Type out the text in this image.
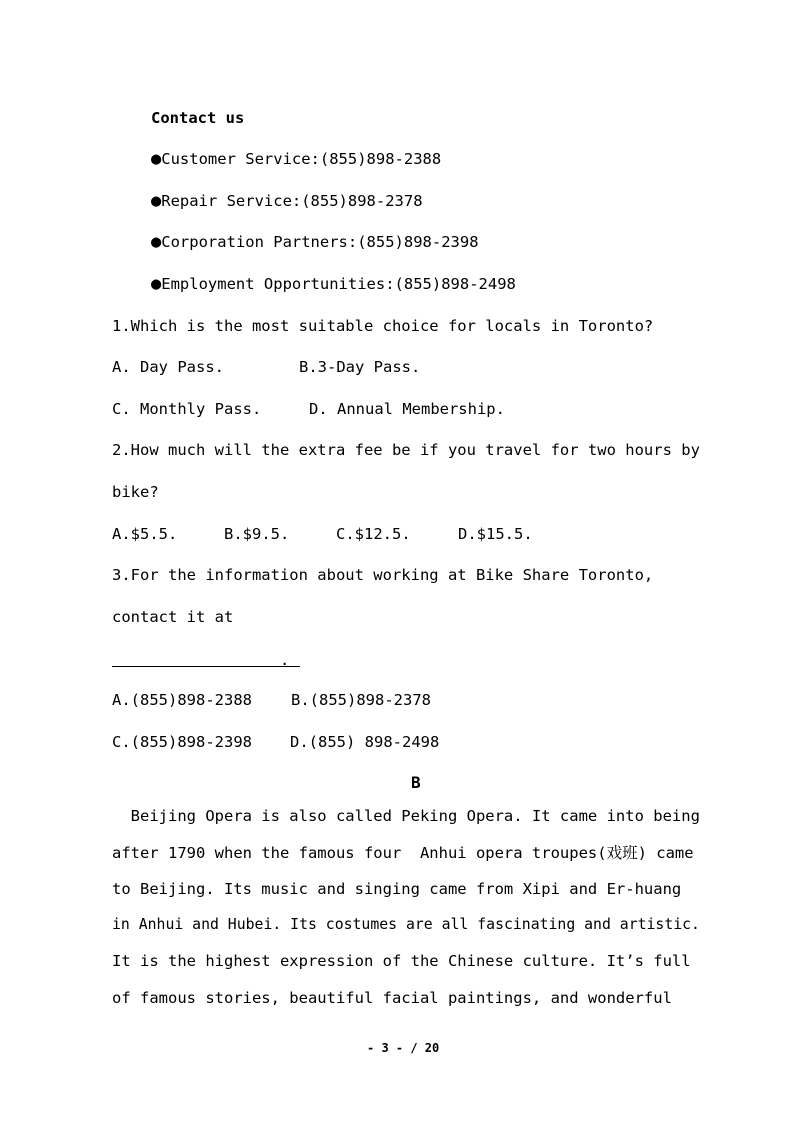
Contact us
●Customer Service:(855)898-2388
●Repair Service:(855)898-2378
●Corporation Partners:(855)898-2398
●Employment Opportunities:(855)898-2498
1.Which is the most suitable choice for locals in Toronto?
A. Day Pass.	B.3-Day Pass.
C. Monthly Pass.	D. Annual Membership.
2.How much will the extra fee be if you travel for two hours by
bike?
A.$5.5.	B.$9.5.	C.$12.5.	D.$15.5.
3.For the information about working at Bike Share Toronto,
contact it at
.
A.(855)898-2388	B.(855)898-2378
C.(855)898-2398 D.(855) 898-2498
B
Beijing Opera is also called Peking Opera. It came into being
after 1790 when the famous four  Anhui opera troupes(戏班) came
to Beijing. Its music and singing came from Xipi and Er-huang
in Anhui and Hubei. Its costumes are all fascinating and artistic.
It is the highest expression of the Chinese culture. It’s full
of famous stories, beautiful facial paintings, and wonderful
- 3 - / 20
